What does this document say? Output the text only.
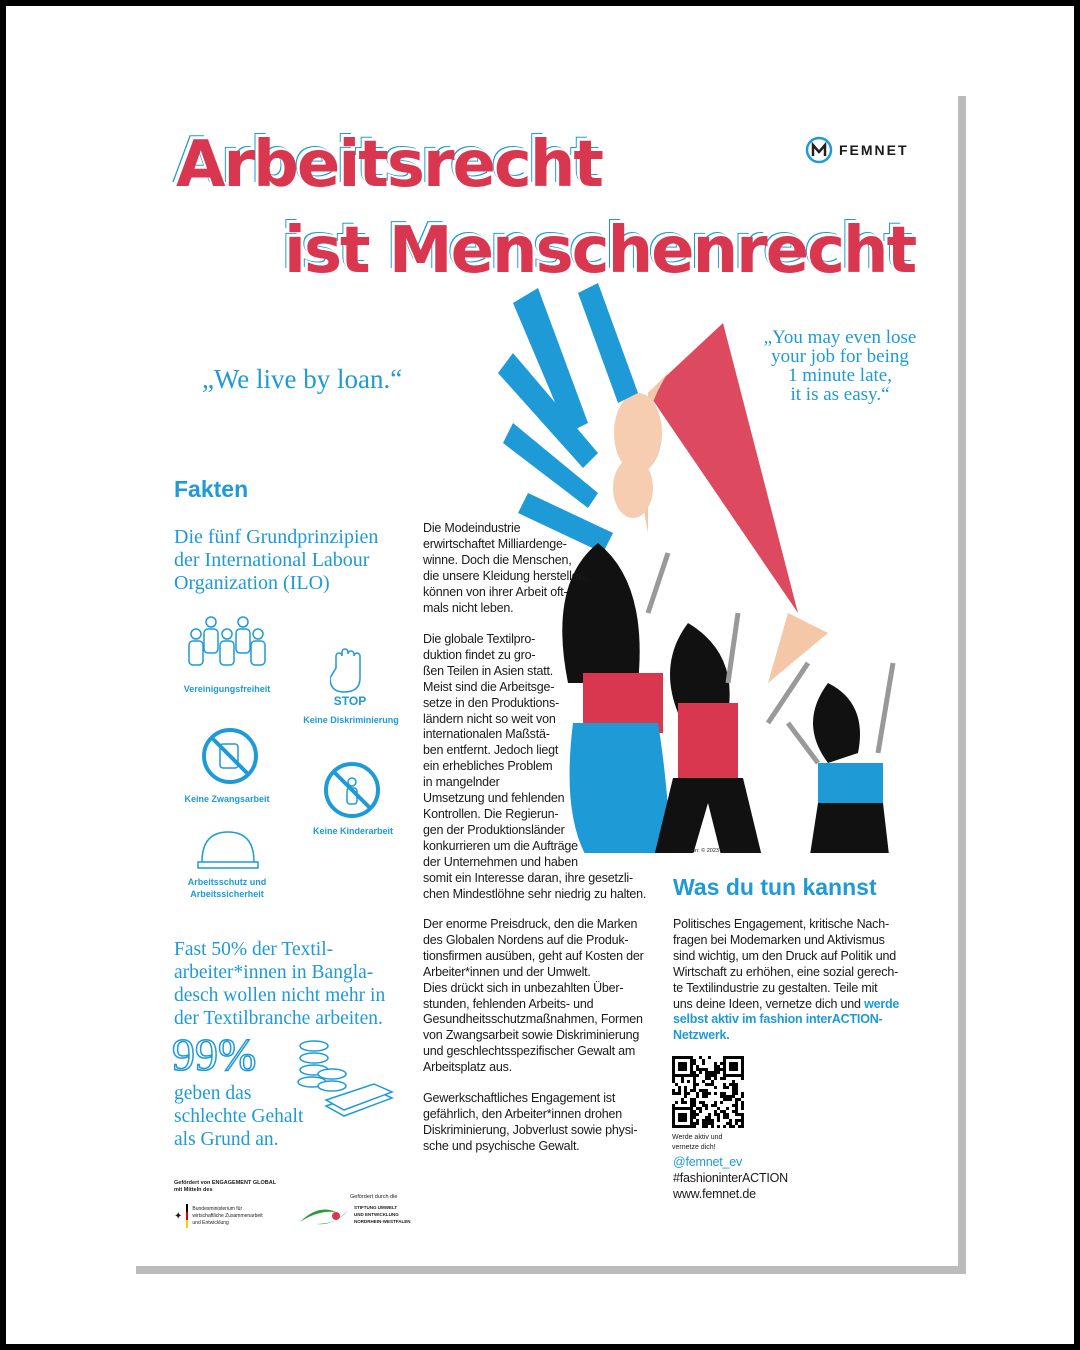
Arbeitsrecht
ist Menschenrecht
FEMNET
„We live by loan.“
„You may even lose
your job for being
1 minute late,
it is as easy.“
Illustration: © 2023 Jana van Thiel
Fakten
Die fünf Grundprinzipien
der International Labour
Organization (ILO)
Vereinigungsfreiheit
STOP
Keine Diskriminierung
Keine Zwangsarbeit
Keine Kinderarbeit
Arbeitsschutz und
Arbeitssicherheit
Fast 50% der Textil-
arbeiter*innen in Bangla-
desch wollen nicht mehr in
der Textilbranche arbeiten.
99%
geben das
schlechte Gehalt
als Grund an.
Die Modeindustrie
erwirtschaftet Milliardenge-
winne. Doch die Menschen,
die unsere Kleidung herstellen,
können von ihrer Arbeit oft-
mals nicht leben.
Die globale Textilpro-
duktion findet zu gro-
ßen Teilen in Asien statt.
Meist sind die Arbeitsge-
setze in den Produktions-
ländern nicht so weit von
internationalen Maßstä-
ben entfernt. Jedoch liegt
ein erhebliches Problem
in mangelnder
Umsetzung und fehlenden
Kontrollen. Die Regierun-
gen der Produktionsländer
konkurrieren um die Aufträge
der Unternehmen und haben
somit ein Interesse daran, ihre gesetzli-
chen Mindestlöhne sehr niedrig zu halten.
Der enorme Preisdruck, den die Marken
des Globalen Nordens auf die Produk-
tionsfirmen ausüben, geht auf Kosten der
Arbeiter*innen und der Umwelt.
Dies drückt sich in unbezahlten Über-
stunden, fehlenden Arbeits- und
Gesundheitsschutzmaßnahmen, Formen
von Zwangsarbeit sowie Diskriminierung
und geschlechtsspezifischer Gewalt am
Arbeitsplatz aus.
Gewerkschaftliches Engagement ist
gefährlich, den Arbeiter*innen drohen
Diskriminierung, Jobverlust sowie physi-
sche und psychische Gewalt.
Was du tun kannst
Politisches Engagement, kritische Nach-
fragen bei Modemarken und Aktivismus
sind wichtig, um den Druck auf Politik und
Wirtschaft zu erhöhen, eine sozial gerech-
te Textilindustrie zu gestalten. Teile mit
uns deine Ideen, vernetze dich und werde
selbst aktiv im fashion interACTION-
Netzwerk.
Werde aktiv und
vernetze dich!
@femnet_ev
#fashioninterACTION
www.femnet.de
Gefördert von ENGAGEMENT GLOBAL
mit Mitteln des
✦
Bundesministerium für
wirtschaftliche Zusammenarbeit
und Entwicklung
Gefördert durch die
STIFTUNG UMWELT
UND ENTWICKLUNG
NORDRHEIN-WESTFALEN
